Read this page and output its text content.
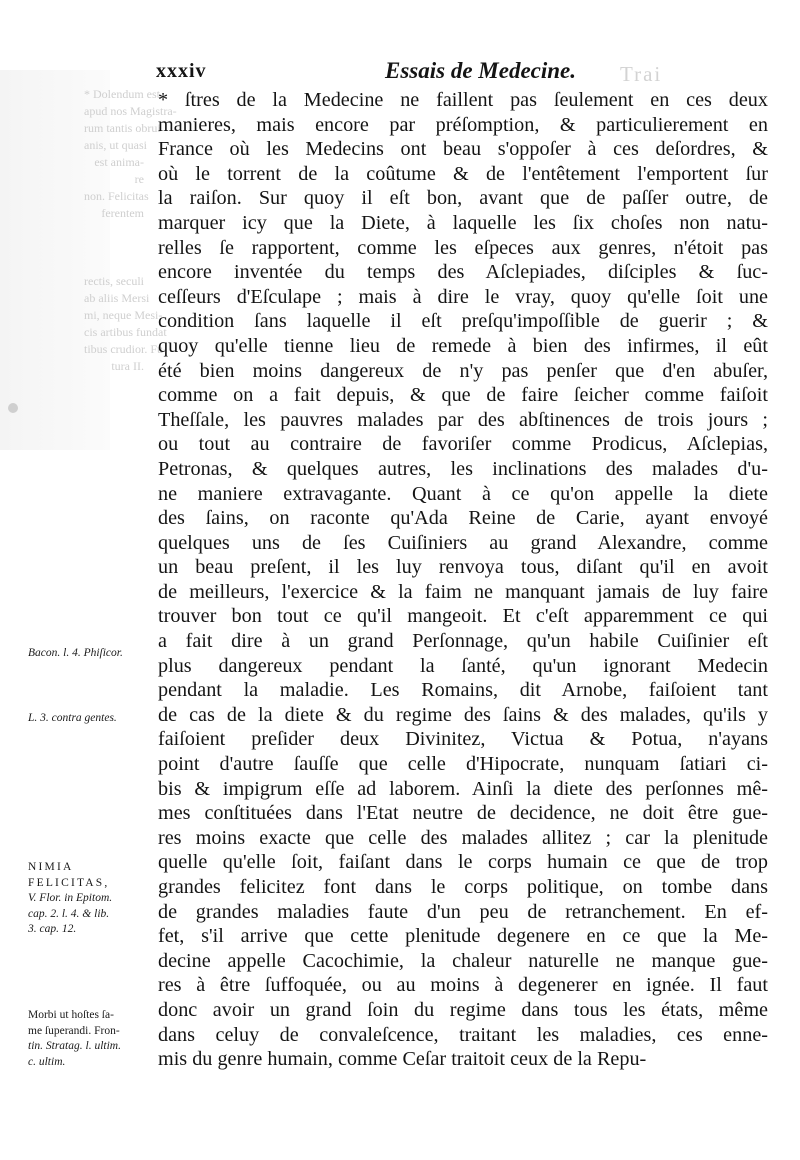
Trai
* Dolendum est
apud nos Magistra-
rum tantis obrui
anis, ut quasi
est anima-
re
non. Felicitas
ferentem
rectis, seculi
ab aliis Mersi
mi, neque Mesi-
cis artibus fundat
tibus crudior. Fu-
tura II.
xxxiv	Essais de Medecine.
* ſtres de la Medecine ne faillent pas ſeulement en ces deux
manieres, mais encore par préſomption, & particulierement en
France où les Medecins ont beau s'oppoſer à ces deſordres, &
où le torrent de la coûtume & de l'entêtement l'emportent ſur
la raiſon. Sur quoy il eſt bon, avant que de paſſer outre, de
marquer icy que la Diete, à laquelle les ſix choſes non natu-
relles ſe rapportent, comme les eſpeces aux genres, n'étoit pas
encore inventée du temps des Aſclepiades, diſciples & ſuc-
ceſſeurs d'Eſculape ; mais à dire le vray, quoy qu'elle ſoit une
condition ſans laquelle il eſt preſqu'impoſſible de guerir ; &
quoy qu'elle tienne lieu de remede à bien des infirmes, il eût
été bien moins dangereux de n'y pas penſer que d'en abuſer,
comme on a fait depuis, & que de faire ſeicher comme faiſoit
Theſſale, les pauvres malades par des abſtinences de trois jours ;
ou tout au contraire de favoriſer comme Prodicus, Aſclepias,
Petronas, & quelques autres, les inclinations des malades d'u-
ne maniere extravagante. Quant à ce qu'on appelle la diete
des ſains, on raconte qu'Ada Reine de Carie, ayant envoyé
quelques uns de ſes Cuiſiniers au grand Alexandre, comme
un beau preſent, il les luy renvoya tous, diſant qu'il en avoit
de meilleurs, l'exercice & la faim ne manquant jamais de luy faire
trouver bon tout ce qu'il mangeoit. Et c'eſt apparemment ce qui
a fait dire à un grand Perſonnage, qu'un habile Cuiſinier eſt
plus dangereux pendant la ſanté, qu'un ignorant Medecin
pendant la maladie. Les Romains, dit Arnobe, faiſoient tant
de cas de la diete & du regime des ſains & des malades, qu'ils y
faiſoient preſider deux Divinitez, Victua & Potua, n'ayans
point d'autre ſauſſe que celle d'Hipocrate, nunquam ſatiari ci-
bis & impigrum eſſe ad laborem. Ainſi la diete des perſonnes mê-
mes conſtituées dans l'Etat neutre de decidence, ne doit être gue-
res moins exacte que celle des malades allitez ; car la plenitude
quelle qu'elle ſoit, faiſant dans le corps humain ce que de trop
grandes felicitez font dans le corps politique, on tombe dans
de grandes maladies faute d'un peu de retranchement. En ef-
fet, s'il arrive que cette plenitude degenere en ce que la Me-
decine appelle Cacochimie, la chaleur naturelle ne manque gue-
res à être ſuffoquée, ou au moins à degenerer en ignée. Il faut
donc avoir un grand ſoin du regime dans tous les états, même
dans celuy de convaleſcence, traitant les maladies, ces enne-
mis du genre humain, comme Ceſar traitoit ceux de la Repu-
Bacon. l. 4. Phiſicor.
L. 3. contra gentes.
NIMIA
FELICITAS,
V. Flor. in Epitom.
cap. 2. l. 4. & lib.
3. cap. 12.
Morbi ut hoſtes ſa-
me ſuperandi. Fron-
tin. Stratag. l. ultim.
c. ultim.
